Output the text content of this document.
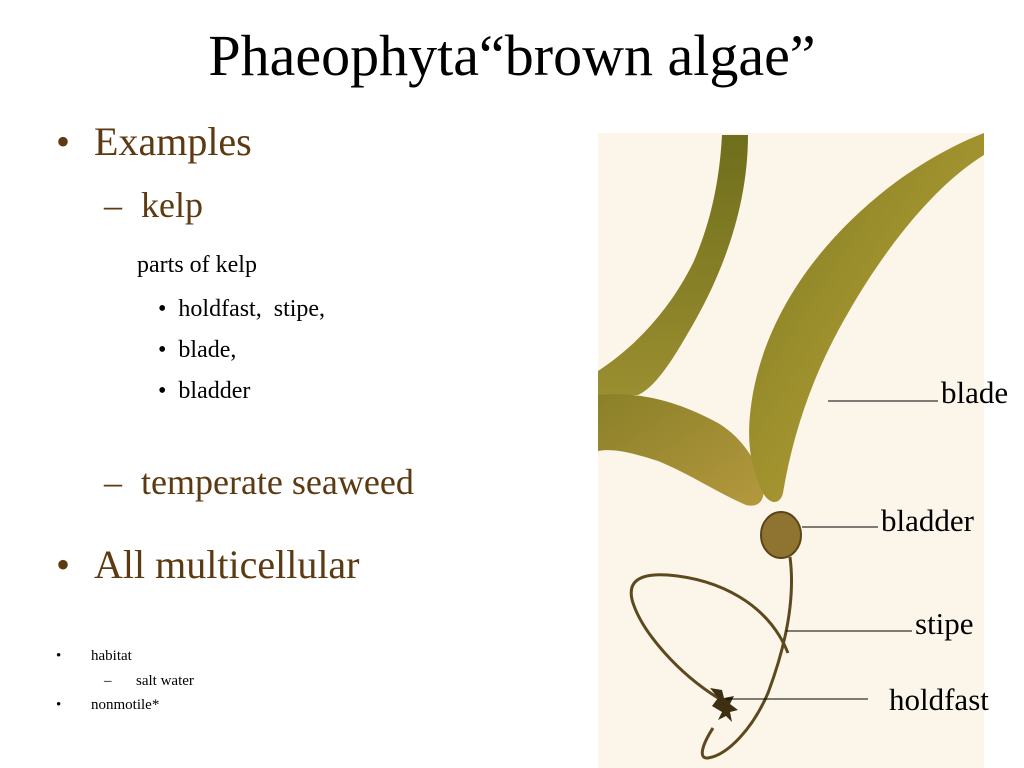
Phaeophyta“brown algae”
• Examples
– kelp
parts of kelp
• holdfast,  stipe,
• blade,
• bladder
– temperate seaweed
• All multicellular
• habitat
– salt water
• nonmotile*
blade
bladder
stipe
holdfast
